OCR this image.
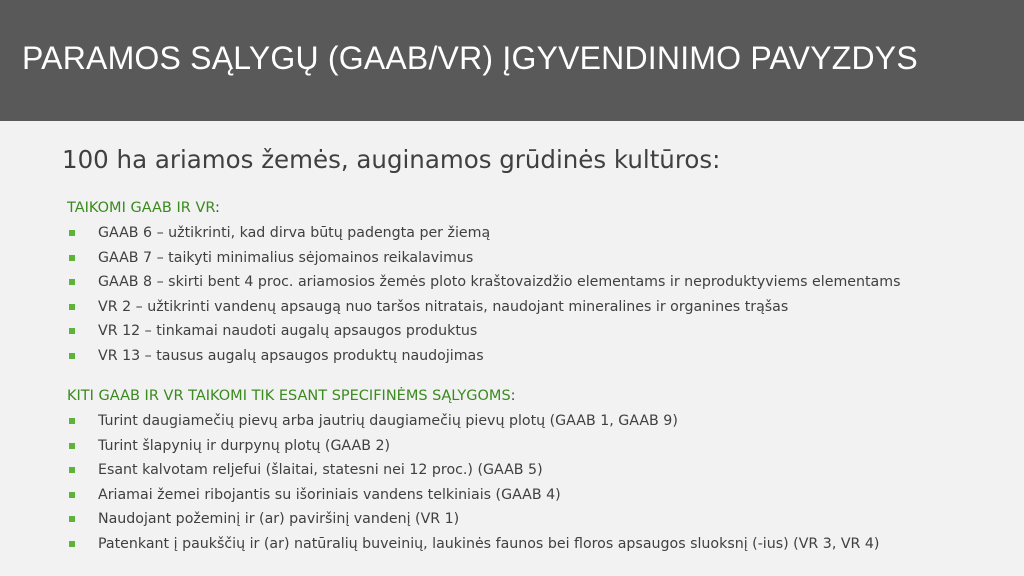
PARAMOS SĄLYGŲ (GAAB/VR) ĮGYVENDINIMO PAVYZDYS
100 ha ariamos žemės, auginamos grūdinės kultūros:
TAIKOMI GAAB IR VR:
GAAB 6 – užtikrinti, kad dirva būtų padengta per žiemą
GAAB 7 – taikyti minimalius sėjomainos reikalavimus
GAAB 8 – skirti bent 4 proc. ariamosios žemės ploto kraštovaizdžio elementams ir neproduktyviems elementams
VR 2 – užtikrinti vandenų apsaugą nuo taršos nitratais, naudojant mineralines ir organines trąšas
VR 12 – tinkamai naudoti augalų apsaugos produktus
VR 13 – tausus augalų apsaugos produktų naudojimas
KITI GAAB IR VR TAIKOMI TIK ESANT SPECIFINĖMS SĄLYGOMS:
Turint daugiamečių pievų arba jautrių daugiamečių pievų plotų (GAAB 1, GAAB 9)
Turint šlapynių ir durpynų plotų (GAAB 2)
Esant kalvotam reljefui (šlaitai, statesni nei 12 proc.) (GAAB 5)
Ariamai žemei ribojantis su išoriniais vandens telkiniais (GAAB 4)
Naudojant požeminį ir (ar) paviršinį vandenį (VR 1)
Patenkant į paukščių ir (ar) natūralių buveinių, laukinės faunos bei floros apsaugos sluoksnį (-ius) (VR 3, VR 4)
